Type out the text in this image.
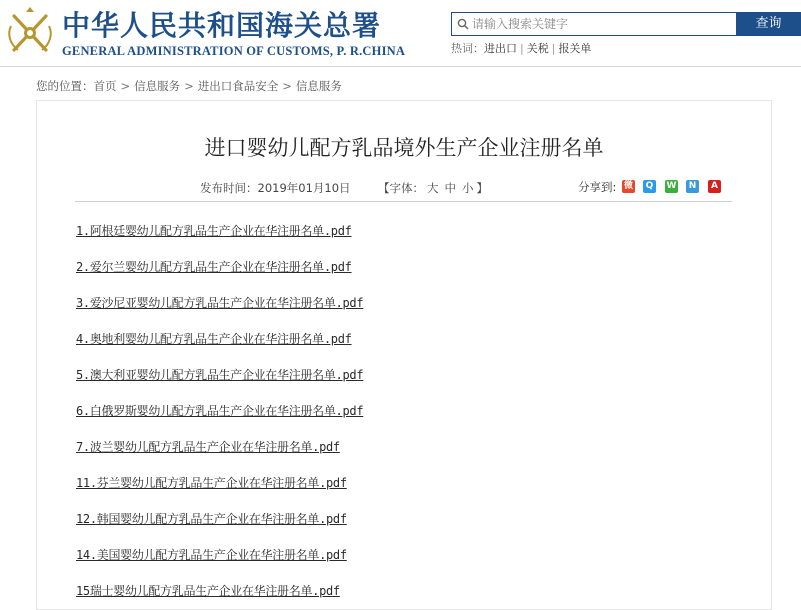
中华人民共和国海关总署
GENERAL ADMINISTRATION OF CUSTOMS, P. R.CHINA
请输入搜索关键字
查询
热词：进出口 | 关税 | 报关单
您的位置：首页 > 信息服务 > 进出口食品安全 > 信息服务
进口婴幼儿配方乳品境外生产企业注册名单
发布时间：2019年01月10日 【字体： 大 中 小 】	分享到: 微 Q W	N	A
1.阿根廷婴幼儿配方乳品生产企业在华注册名单.pdf
2.爱尔兰婴幼儿配方乳品生产企业在华注册名单.pdf
3.爱沙尼亚婴幼儿配方乳品生产企业在华注册名单.pdf
4.奥地利婴幼儿配方乳品生产企业在华注册名单.pdf
5.澳大利亚婴幼儿配方乳品生产企业在华注册名单.pdf
6.白俄罗斯婴幼儿配方乳品生产企业在华注册名单.pdf
7.波兰婴幼儿配方乳品生产企业在华注册名单.pdf
11.芬兰婴幼儿配方乳品生产企业在华注册名单.pdf
12.韩国婴幼儿配方乳品生产企业在华注册名单.pdf
14.美国婴幼儿配方乳品生产企业在华注册名单.pdf
15瑞士婴幼儿配方乳品生产企业在华注册名单.pdf
